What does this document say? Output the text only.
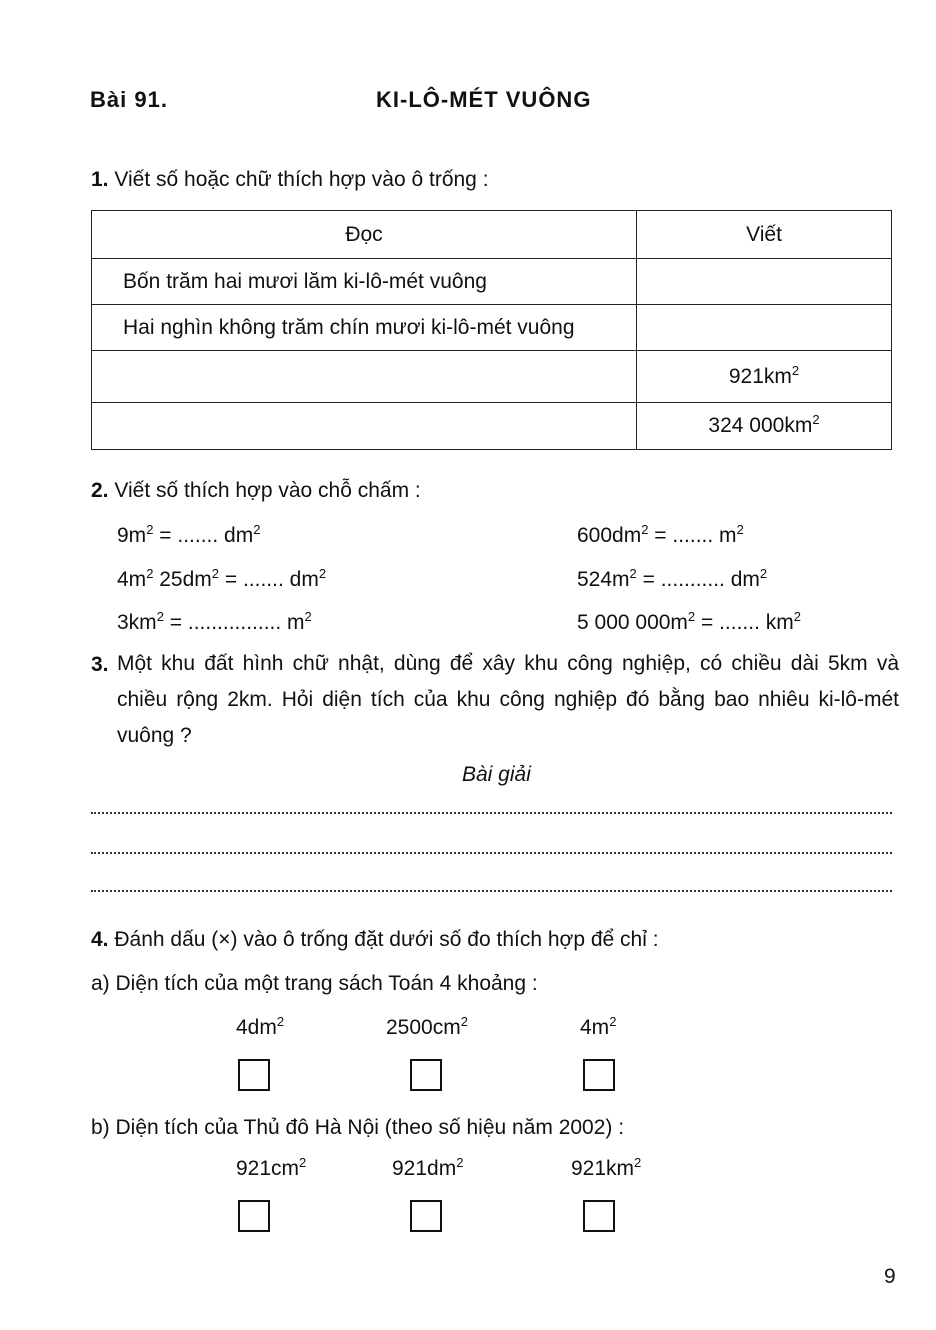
Bài 91.	KI-LÔ-MÉT VUÔNG
1. Viết số hoặc chữ thích hợp vào ô trống :
Đọc	Viết
Bốn trăm hai mươi lăm ki-lô-mét vuông	
Hai nghìn không trăm chín mươi ki-lô-mét vuông	
	$921km^2$
	324 $000km^2$
2. Viết số thích hợp vào chỗ chấm :
$9m^2$ = ....... $dm^2$
$4m^2$ $25dm^2$ = ....... $dm^2$
$3km^2$ = ................ $m^2$
$600dm^2$ = ....... $m^2$
$524m^2$ = ........... $dm^2$
5 000 $000m^2$ = ....... $km^2$
3. Một khu đất hình chữ nhật, dùng để xây khu công nghiệp, có chiều dài 5km và chiều rộng 2km. Hỏi diện tích của khu công nghiệp đó bằng bao nhiêu ki-lô-mét vuông ?
Bài giải
4. Đánh dấu (×) vào ô trống đặt dưới số đo thích hợp để chỉ :
a) Diện tích của một trang sách Toán 4 khoảng :
$4dm^2$	$2500cm^2$	$4m^2$
b) Diện tích của Thủ đô Hà Nội (theo số hiệu năm 2002) :
$921cm^2$	$921dm^2$	$921km^2$
9
